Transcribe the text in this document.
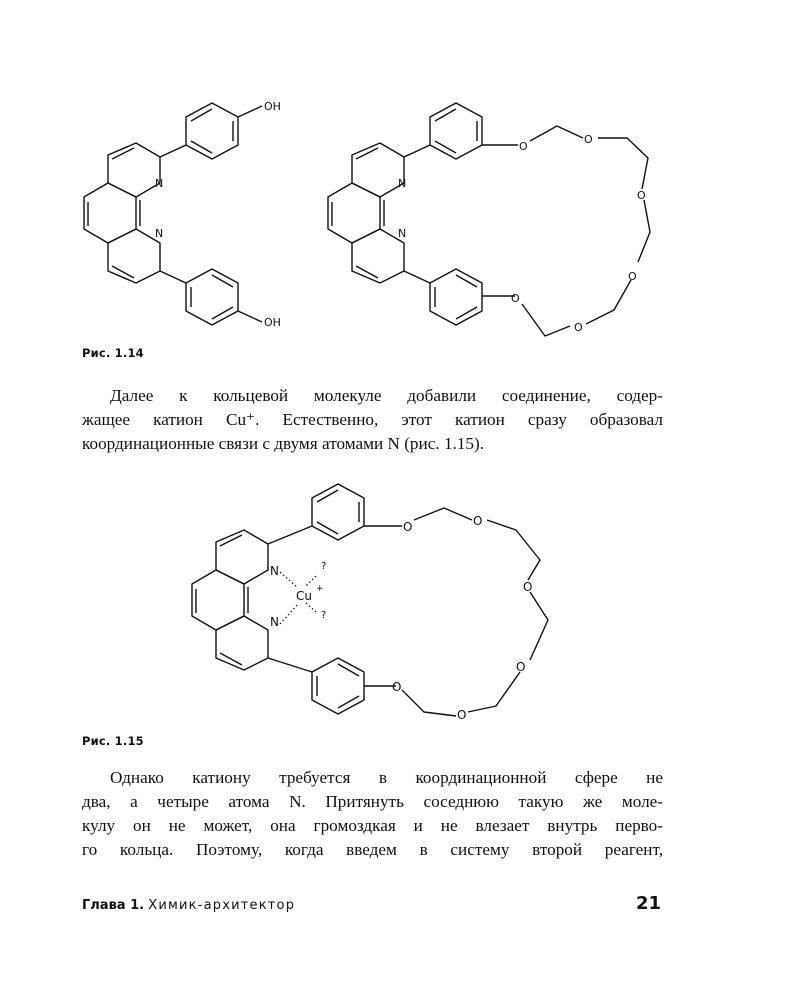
OH
OH
N
N
N
N
O
O
O
O
O
O
Рис. 1.14
Далее к кольцевой молекуле добавили соединение, содер-
жащее катион Cu⁺. Естественно, этот катион сразу образовал
координационные связи с двумя атомами N (рис. 1.15).
N
N
Cu +
?
?
O	O
O
O
O
O
Рис. 1.15
Однако катиону требуется в координационной сфере не
два, а четыре атома N. Притянуть соседнюю такую же моле-
кулу он не может, она громоздкая и не влезает внутрь перво-
го кольца. Поэтому, когда введем в систему второй реагент,
Глава 1. Химик-архитектор	21
